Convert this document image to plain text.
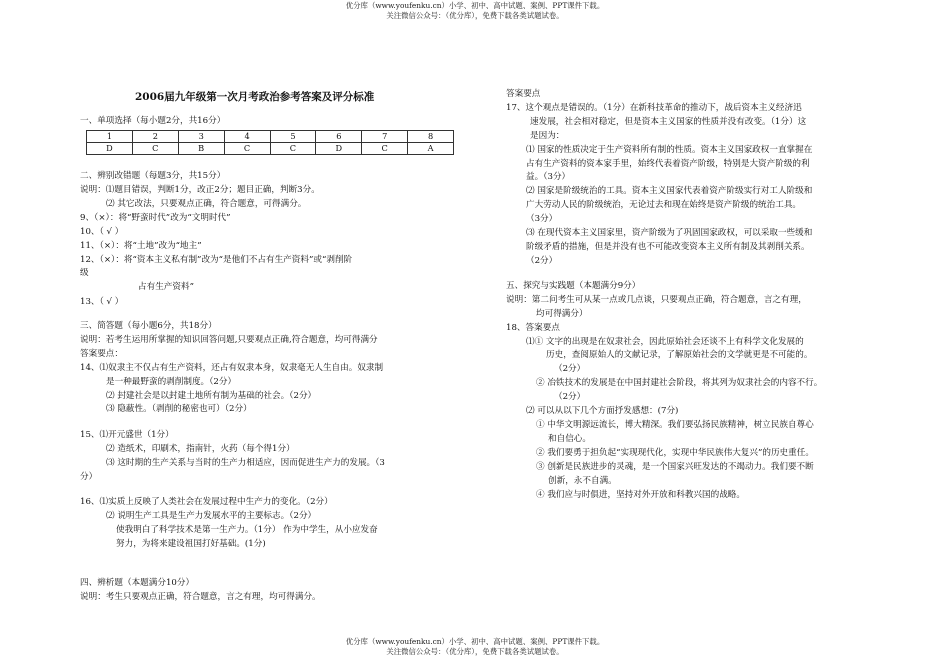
优分库（www.youfenku.cn）小学、初中、高中试题、案例、PPT课件下载。
关注微信公众号：（优分库），免费下载各类试题试卷。
2006届九年级第一次月考政治参考答案及评分标准
一、单项选择（每小题2分，共16分）
二、辨别改错题（每题3分，共15分）
说明：⑴题目错误，判断1分，改正2分；题目正确，判断3分。
⑵ 其它改法，只要观点正确，符合题意，可得满分。
9、（×）：将“野蛮时代”改为“文明时代”
10、（ √ ）
11、（×）：将“土地”改为“地主”
12、（×）：将“资本主义私有制”改为“是他们不占有生产资料”或“剥削阶
级
占有生产资料”
13、（ √ ）
三、简答题（每小题6分，共18分）
说明：若考生运用所掌握的知识回答问题,只要观点正确,符合题意，均可得满分
答案要点：
14、⑴奴隶主不仅占有生产资料，还占有奴隶本身，奴隶毫无人生自由。奴隶制
是一种最野蛮的剥削制度。（2分）
⑵ 封建社会是以封建土地所有制为基础的社会。（2分）
⑶ 隐蔽性。（剥削的秘密也可）（2分）
15、⑴开元盛世（1分）
⑵ 造纸术，印刷术，指南针，火药（每个得1分）
⑶ 这时期的生产关系与当时的生产力相适应，因而促进生产力的发展。（3
分）
16、⑴实质上反映了人类社会在发展过程中生产力的变化。（2分）
⑵ 说明生产工具是生产力发展水平的主要标志。（2分）
使我明白了科学技术是第一生产力。（1分） 作为中学生，从小应发奋
努力，为将来建设祖国打好基础。(1分)
四、辨析题（本题满分10分）
说明：考生只要观点正确，符合题意，言之有理，均可得满分。
1	2	3	4	5	6	7	8
D	C	B	C	C	D	C	A
答案要点
17、这个观点是错误的。（1分）在新科技革命的推动下，战后资本主义经济迅
速发展，社会相对稳定，但是资本主义国家的性质并没有改变。（1分）这
是因为：
⑴ 国家的性质决定于生产资料所有制的性质。资本主义国家政权一直掌握在
占有生产资料的资本家手里，始终代表着资产阶级，特别是大资产阶级的利
益。（3分）
⑵ 国家是阶级统治的工具。资本主义国家代表着资产阶级实行对工人阶级和
广大劳动人民的阶级统治，无论过去和现在始终是资产阶级的统治工具。
（3分）
⑶ 在现代资本主义国家里，资产阶级为了巩固国家政权，可以采取一些缓和
阶级矛盾的措施，但是并没有也不可能改变资本主义所有制及其剥削关系。
（2分）
五、探究与实践题（本题满分9分）
说明：第二问考生可从某一点或几点谈，只要观点正确，符合题意，言之有理，
均可得满分）
18、答案要点
⑴① 文字的出现是在奴隶社会，因此原始社会还谈不上有科学文化发展的
历史，查阅原始人的文献记录，了解原始社会的文学就更是不可能的。
（2分）
② 冶铁技术的发展是在中国封建社会阶段，将其列为奴隶社会的内容不行。
（2分）
⑵ 可以从以下几个方面抒发感想：(7分)
① 中华文明源远流长，博大精深。我们要弘扬民族精神，树立民族自尊心
和自信心。
② 我们要勇于担负起“实现现代化，实现中华民族伟大复兴”的历史重任。
③ 创新是民族进步的灵魂，是一个国家兴旺发达的不竭动力。我们要不断
创新，永不自满。
④ 我们应与时俱进，坚持对外开放和科教兴国的战略。
优分库（www.youfenku.cn）小学、初中、高中试题、案例、PPT课件下载。
关注微信公众号：（优分库），免费下载各类试题试卷。
